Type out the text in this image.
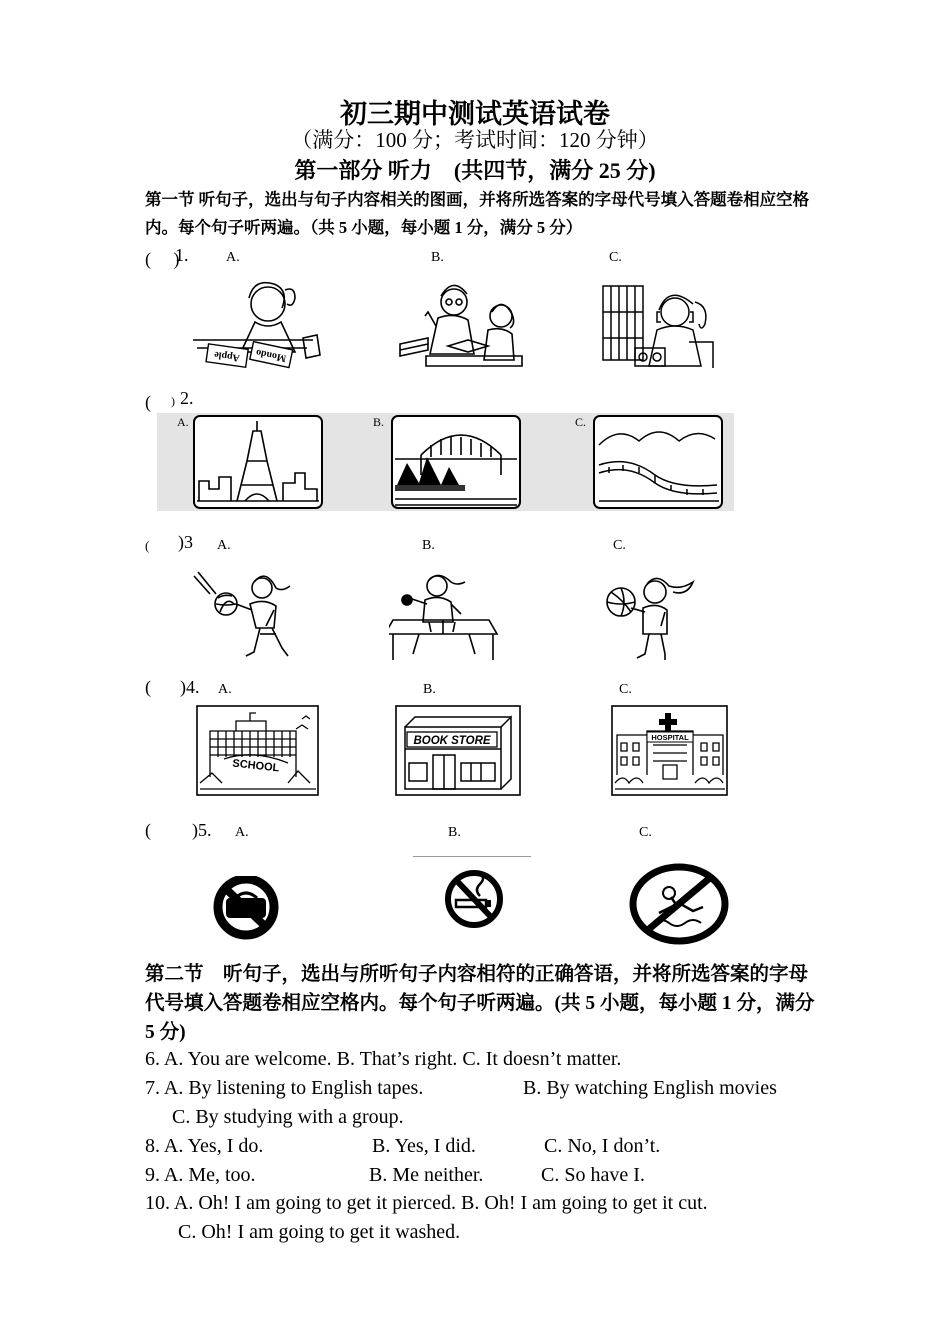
初三期中测试英语试卷
（满分：100 分；考试时间：120 分钟）
第一部分 听力　(共四节，满分 25 分)
第一节 听句子，选出与句子内容相关的图画，并将所选答案的字母代号填入答题卷相应空格内。每个句子听两遍。（共 5 小题，每小题 1 分，满分 5 分）
(　 )
1.	A.	B.	C.
Apple Mondo
(　 ) 2.
A.	B.	C.
( )3 A.	B.	C.
( )4. A.	B.	C.
SCHOOL
BOOK STORE	HOSPITAL
( )5. A.	B.	C.
第二节　听句子，选出与所听句子内容相符的正确答语，并将所选答案的字母代号填入答题卷相应空格内。每个句子听两遍。(共 5 小题，每小题 1 分，满分 5 分)
6. A. You are welcome. B. That’s right. C. It doesn’t matter.
7. A. By listening to English tapes.	B. By watching English movies
C. By studying with a group.
8. A. Yes, I do.	B. Yes, I did.	C. No, I don’t.
9. A. Me, too.	B. Me neither.	C. So have I.
10. A. Oh! I am going to get it pierced. B. Oh! I am going to get it cut.
C. Oh! I am going to get it washed.
